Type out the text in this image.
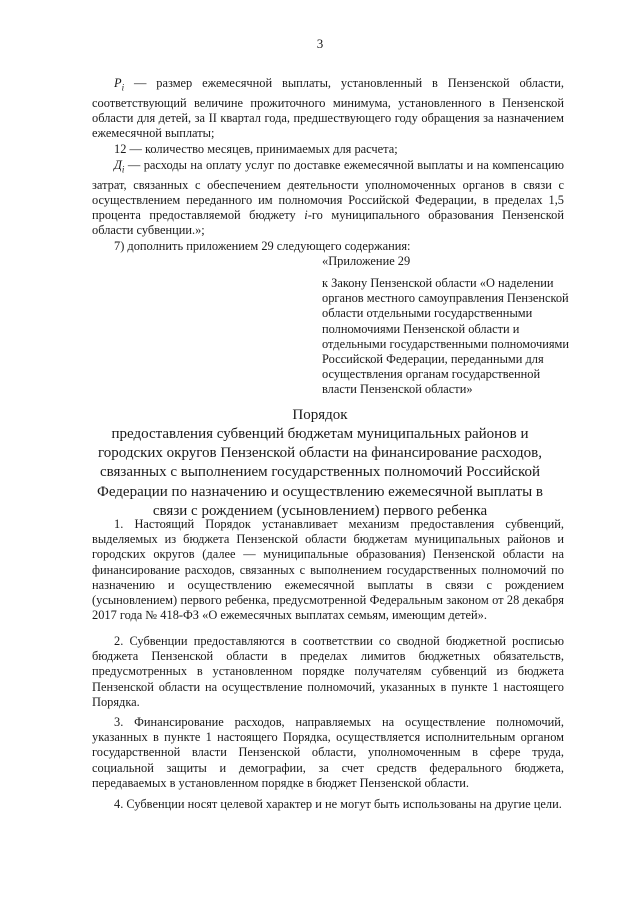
3

$P_i$ — размер ежемесячной выплаты, установленный в Пензенской области, соответствующий величине прожиточного минимума, установленного в Пензенской области для детей, за II квартал года, предшествующего году обращения за назначением ежемесячной выплаты;

12 — количество месяцев, принимаемых для расчета;

$Д_i$ — расходы на оплату услуг по доставке ежемесячной выплаты и на компенсацию затрат, связанных с обеспечением деятельности уполномоченных органов в связи с осуществлением переданного им полномочия Российской Федерации, в пределах 1,5 процента предоставляемой бюджету i-го муниципального образования Пензенской области субвенции.»;

7) дополнить приложением 29 следующего содержания:

«Приложение 29

к Закону Пензенской области «О наделении органов местного самоуправления Пензенской области отдельными государственными полномочиями Пензенской области и отдельными государственными полномочиями Российской Федерации, переданными для осуществления органам государственной власти Пензенской области»

Порядок

предоставления субвенций бюджетам муниципальных районов и городских округов Пензенской области на финансирование расходов, связанных с выполнением государственных полномочий Российской Федерации по назначению и осуществлению ежемесячной выплаты в связи с рождением (усыновлением) первого ребенка

1. Настоящий Порядок устанавливает механизм предоставления субвенций, выделяемых из бюджета Пензенской области бюджетам муниципальных районов и городских округов (далее — муниципальные образования) Пензенской области на финансирование расходов, связанных с выполнением государственных полномочий по назначению и осуществлению ежемесячной выплаты в связи с рождением (усыновлением) первого ребенка, предусмотренной Федеральным законом от 28 декабря 2017 года № 418-ФЗ «О ежемесячных выплатах семьям, имеющим детей».

2. Субвенции предоставляются в соответствии со сводной бюджетной росписью бюджета Пензенской области в пределах лимитов бюджетных обязательств, предусмотренных в установленном порядке получателям субвенций из бюджета Пензенской области на осуществление полномочий, указанных в пункте 1 настоящего Порядка.

3. Финансирование расходов, направляемых на осуществление полномочий, указанных в пункте 1 настоящего Порядка, осуществляется исполнительным органом государственной власти Пензенской области, уполномоченным в сфере труда, социальной защиты и демографии, за счет средств федерального бюджета, передаваемых в установленном порядке в бюджет Пензенской области.

4. Субвенции носят целевой характер и не могут быть использованы на другие цели.
